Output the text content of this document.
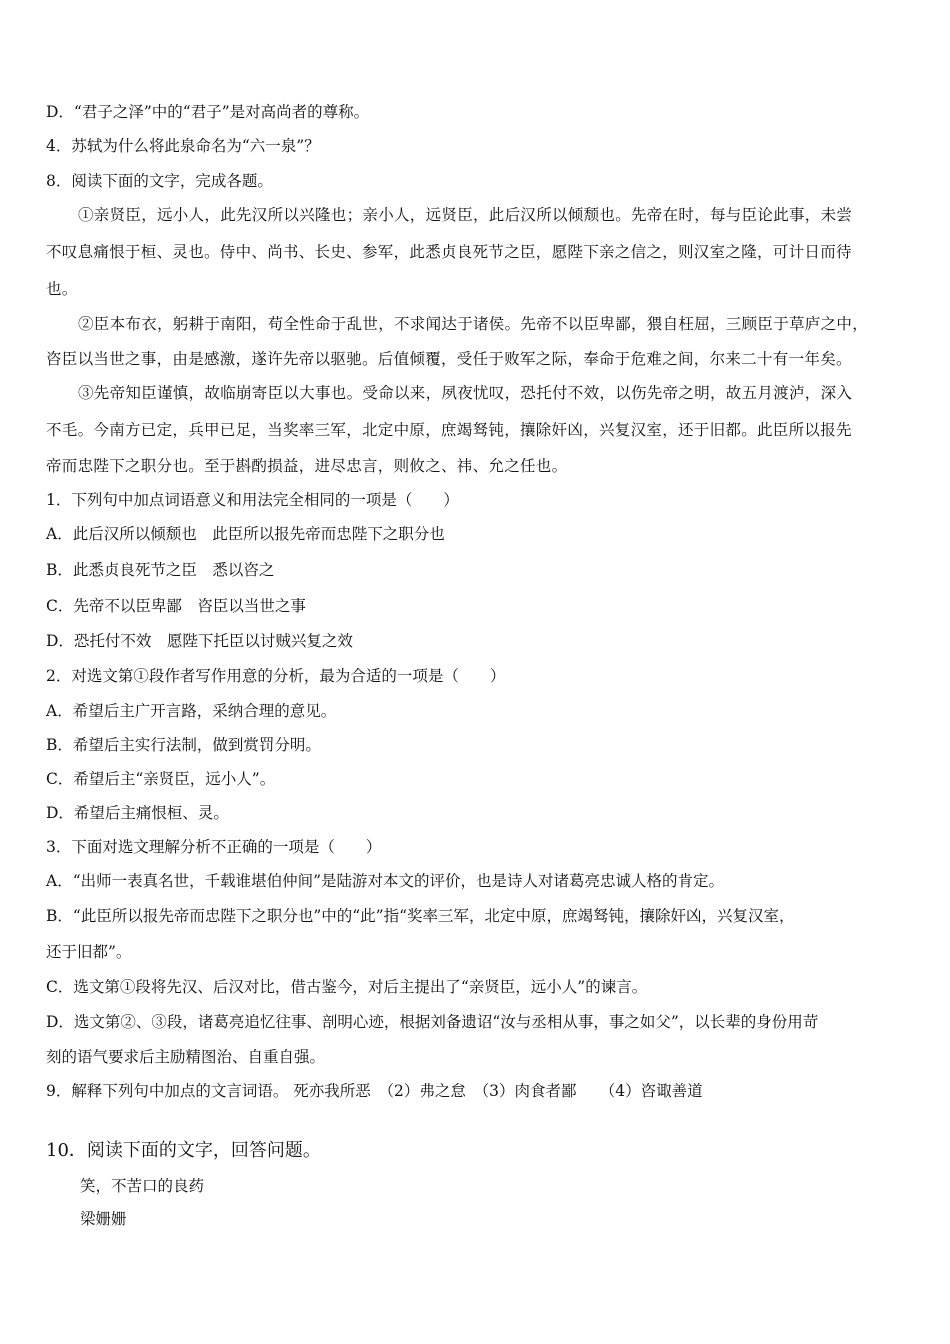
D．“君子之泽”中的“君子”是对高尚者的尊称。
4．苏轼为什么将此泉命名为“六一泉”？
8．阅读下面的文字，完成各题。
①亲贤臣，远小人，此先汉所以兴隆也；亲小人，远贤臣，此后汉所以倾颓也。先帝在时，每与臣论此事，未尝
不叹息痛恨于桓、灵也。侍中、尚书、长史、参军，此悉贞良死节之臣，愿陛下亲之信之，则汉室之隆，可计日而待
也。
②臣本布衣，躬耕于南阳，苟全性命于乱世，不求闻达于诸侯。先帝不以臣卑鄙，猥自枉屈，三顾臣于草庐之中，
咨臣以当世之事，由是感激，遂许先帝以驱驰。后值倾覆，受任于败军之际，奉命于危难之间，尔来二十有一年矣。
③先帝知臣谨慎，故临崩寄臣以大事也。受命以来，夙夜忧叹，恐托付不效，以伤先帝之明，故五月渡泸，深入
不毛。今南方已定，兵甲已足，当奖率三军，北定中原，庶竭驽钝，攘除奸凶，兴复汉室，还于旧都。此臣所以报先
帝而忠陛下之职分也。至于斟酌损益，进尽忠言，则攸之、祎、允之任也。
1．下列句中加点词语意义和用法完全相同的一项是（　　）
A．此后汉所以倾颓也　此臣所以报先帝而忠陛下之职分也
B．此悉贞良死节之臣　悉以咨之
C．先帝不以臣卑鄙　咨臣以当世之事
D．恐托付不效　愿陛下托臣以讨贼兴复之效
2．对选文第①段作者写作用意的分析，最为合适的一项是（　　）
A．希望后主广开言路，采纳合理的意见。
B．希望后主实行法制，做到赏罚分明。
C．希望后主“亲贤臣，远小人”。
D．希望后主痛恨桓、灵。
3．下面对选文理解分析不正确的一项是（　　）
A．“出师一表真名世，千载谁堪伯仲间”是陆游对本文的评价，也是诗人对诸葛亮忠诚人格的肯定。
B．“此臣所以报先帝而忠陛下之职分也”中的“此”指“奖率三军，北定中原，庶竭驽钝，攘除奸凶，兴复汉室，
还于旧都”。
C．选文第①段将先汉、后汉对比，借古鉴今，对后主提出了“亲贤臣，远小人”的谏言。
D．选文第②、③段，诸葛亮追忆往事、剖明心迹，根据刘备遗诏“汝与丞相从事，事之如父”，以长辈的身份用苛
刻的语气要求后主励精图治、自重自强。
9．解释下列句中加点的文言词语。 死亦我所恶　（2）弗之怠　（3）肉食者鄙　　（4）咨诹善道
10．阅读下面的文字，回答问题。
笑，不苦口的良药
梁姗姗
